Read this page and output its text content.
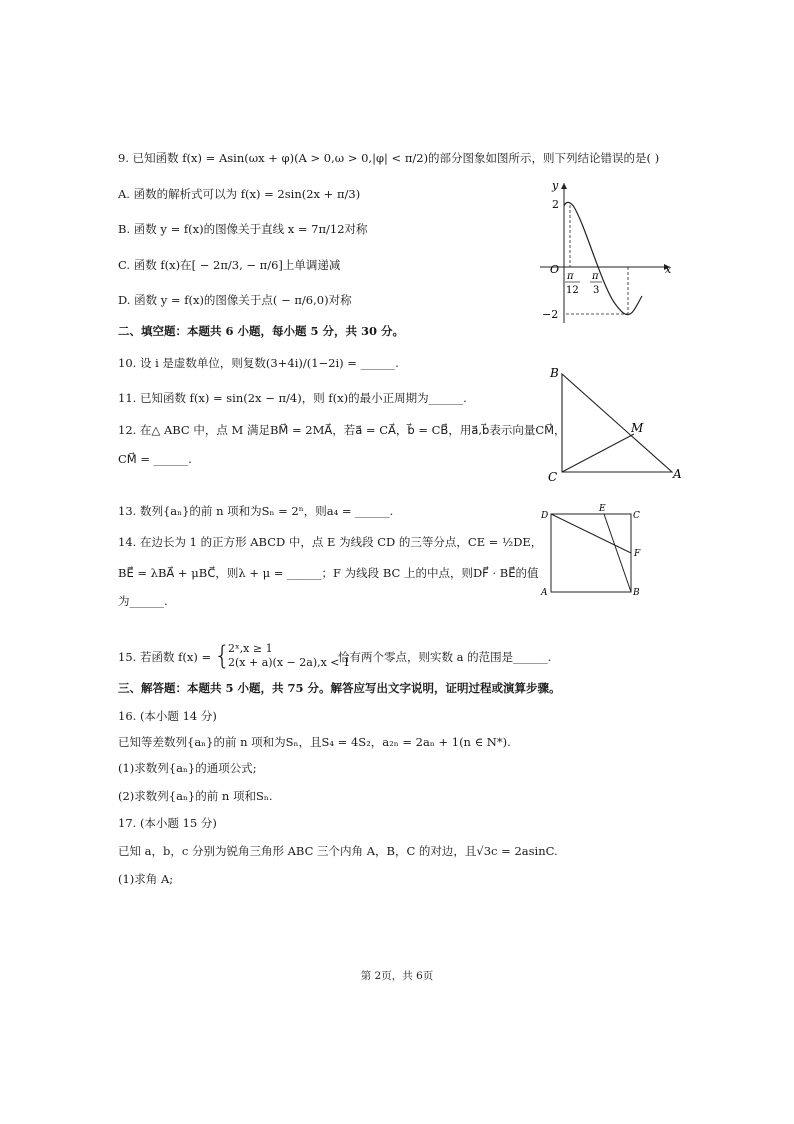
9. 已知函数 f(x) = Asin(ωx + φ)(A > 0,ω > 0,|φ| < π/2)的部分图象如图所示，则下列结论错误的是( )
A. 函数的解析式可以为 f(x) = 2sin(2x + π/3)
B. 函数 y = f(x)的图像关于直线 x = 7π/12对称
C. 函数 f(x)在[ − 2π/3, − π/6]上单调递减
D. 函数 y = f(x)的图像关于点( − π/6,0)对称
y
x
O
2
−2
π
12
π
3
二、填空题：本题共 6 小题，每小题 5 分，共 30 分。
10. 设 i 是虚数单位，则复数(3+4i)/(1−2i) = ______.
11. 已知函数 f(x) = sin(2x − π/4)，则 f(x)的最小正周期为______.
B
C	A
M
12. 在△ ABC 中，点 M 满足BM⃗ = 2MA⃗，若a⃗ = CA⃗，b⃗ = CB⃗，用a⃗,b⃗表示向量CM⃗，
CM⃗ = ______.
13. 数列{aₙ}的前 n 项和为Sₙ = 2ⁿ，则a₄ = ______.	D
E
C
F
A	B
14. 在边长为 1 的正方形 ABCD 中，点 E 为线段 CD 的三等分点，CE = ½DE，
BE⃗ = λBA⃗ + μBC⃗，则λ + μ = ______；F 为线段 BC 上的中点，则DF⃗ · BE⃗的值
为______.
15. 若函数 f(x) = {
2ˣ,x ≥ 1
2(x + a)(x − 2a),x < 1
恰有两个零点，则实数 a 的范围是______.
三、解答题：本题共 5 小题，共 75 分。解答应写出文字说明，证明过程或演算步骤。
16. (本小题 14 分)
已知等差数列{aₙ}的前 n 项和为Sₙ，且S₄ = 4S₂，a₂ₙ = 2aₙ + 1(n ∈ N*).
(1)求数列{aₙ}的通项公式;
(2)求数列{aₙ}的前 n 项和Sₙ.
17. (本小题 15 分)
已知 a，b，c 分别为锐角三角形 ABC 三个内角 A，B，C 的对边，且√3c = 2asinC.
(1)求角 A;
第 2页，共 6页
